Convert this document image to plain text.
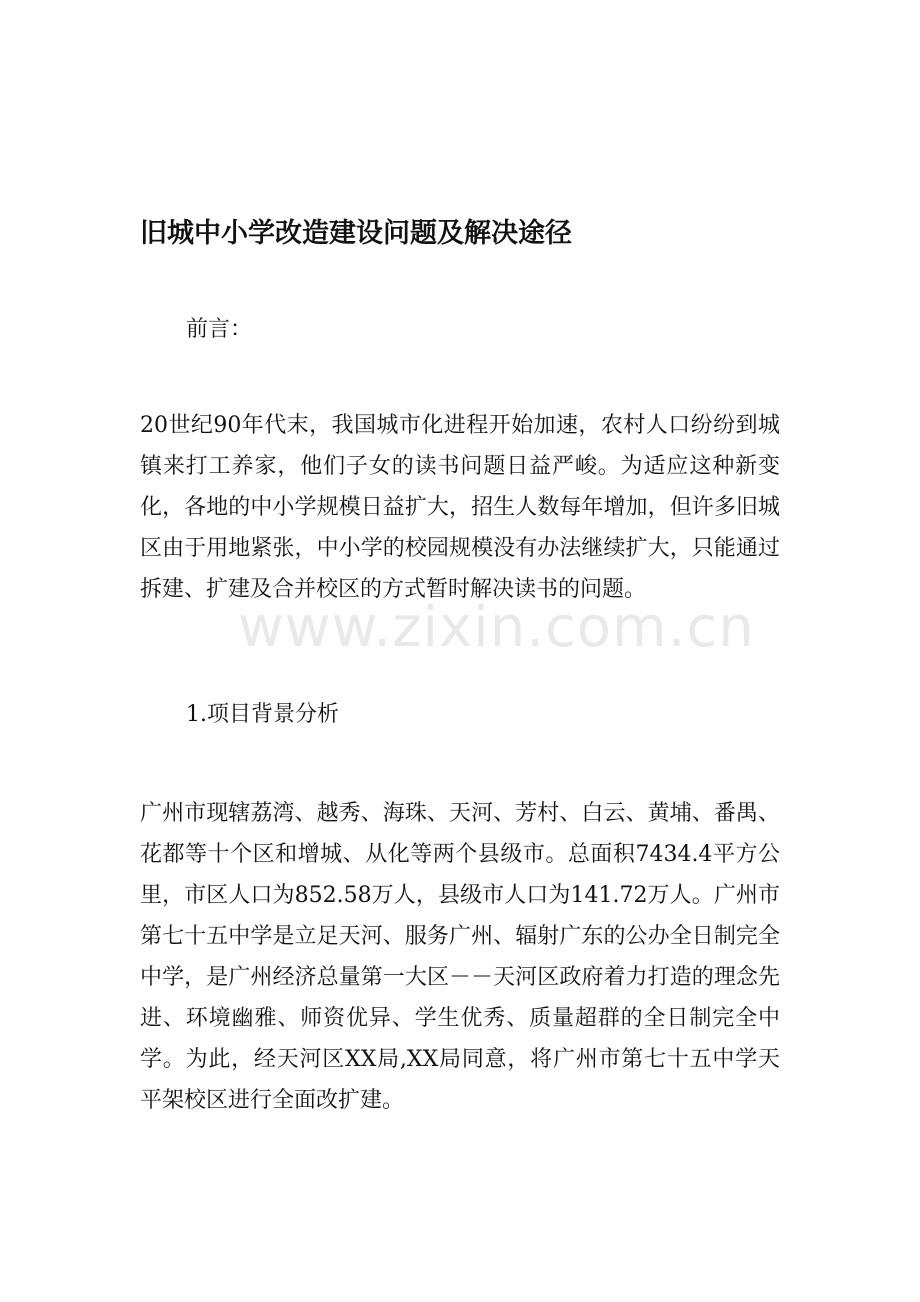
旧城中小学改造建设问题及解决途径

前言：

20世纪90年代末，我国城市化进程开始加速，农村人口纷纷到城镇来打工养家，他们子女的读书问题日益严峻。为适应这种新变化，各地的中小学规模日益扩大，招生人数每年增加，但许多旧城区由于用地紧张，中小学的校园规模没有办法继续扩大，只能通过拆建、扩建及合并校区的方式暂时解决读书的问题。

www.zixin.com.cn

1.项目背景分析

广州市现辖荔湾、越秀、海珠、天河、芳村、白云、黄埔、番禺、花都等十个区和增城、从化等两个县级市。总面积7434.4平方公里，市区人口为852.58万人，县级市人口为141.72万人。广州市第七十五中学是立足天河、服务广州、辐射广东的公办全日制完全中学，是广州经济总量第一大区－－天河区政府着力打造的理念先进、环境幽雅、师资优异、学生优秀、质量超群的全日制完全中学。为此，经天河区XX局,XX局同意，将广州市第七十五中学天平架校区进行全面改扩建。
